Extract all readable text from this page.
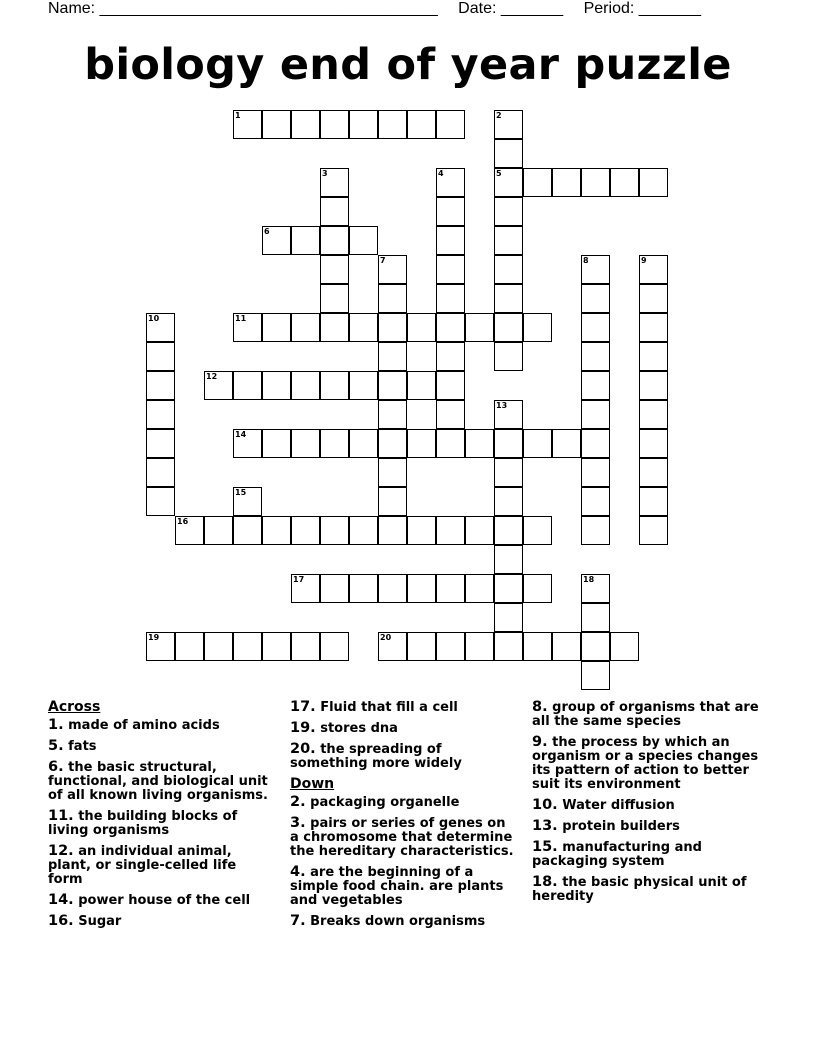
Name: ______________________________________ Date: _______ Period: _______
biology end of year puzzle
1	2
5
3	4
6
7	8	9
10	11
12
13
14
15
16
17	18
19	20
Across
1. made of amino acids
5. fats
6. the basic structural, functional, and biological unit of all known living organisms.
11. the building blocks of living organisms
12. an individual animal, plant, or single-celled life form
14. power house of the cell
16. Sugar
17. Fluid that fill a cell
19. stores dna
20. the spreading of something more widely
Down
2. packaging organelle
3. pairs or series of genes on a chromosome that determine the hereditary characteristics.
4. are the beginning of a simple food chain. are plants and vegetables
7. Breaks down organisms
8. group of organisms that are all the same species
9. the process by which an organism or a species changes its pattern of action to better suit its environment
10. Water diffusion
13. protein builders
15. manufacturing and packaging system
18. the basic physical unit of heredity
